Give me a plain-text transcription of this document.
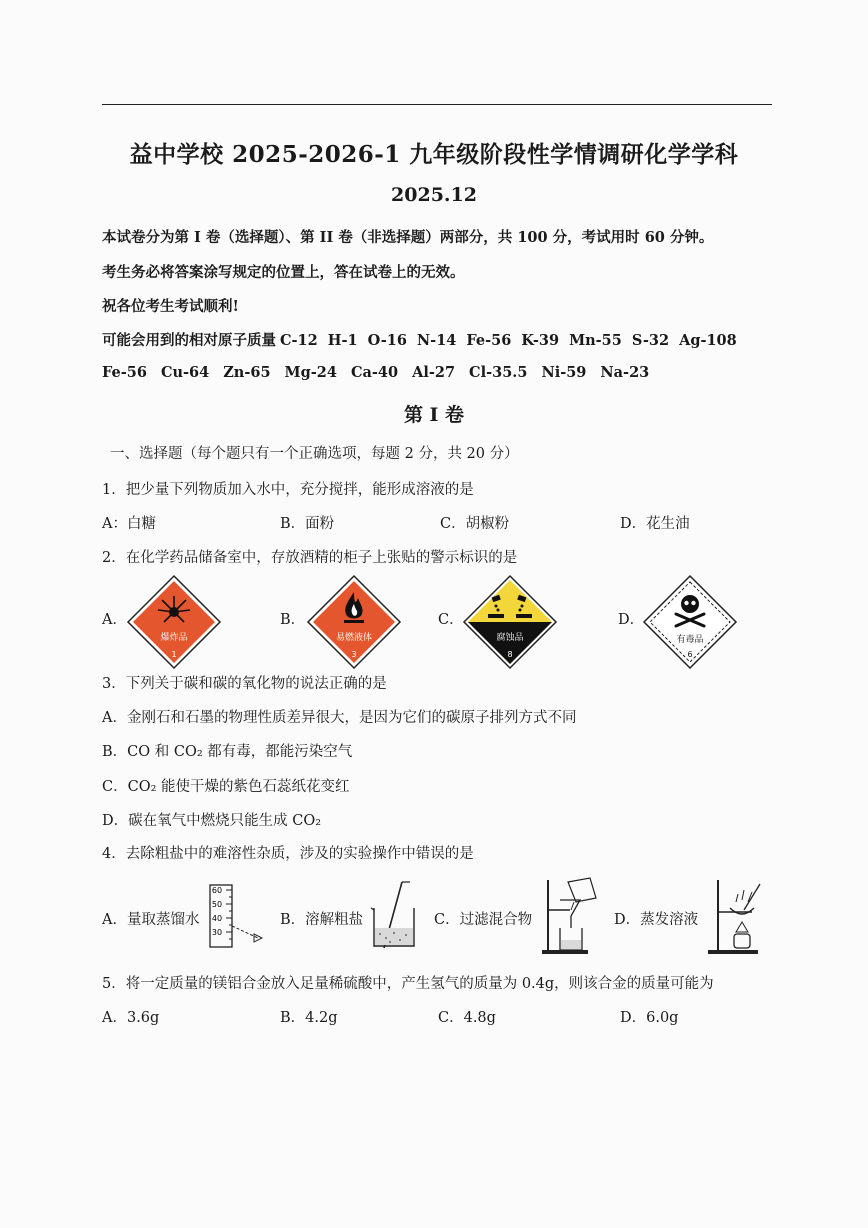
益中学校 2025-2026-1 九年级阶段性学情调研化学学科
2025.12
本试卷分为第 I 卷（选择题）、第 II 卷（非选择题）两部分，共 100 分，考试用时 60 分钟。
考生务必将答案涂写规定的位置上，答在试卷上的无效。
祝各位考生考试顺利!
可能会用到的相对原子质量 C-12 H-1 O-16 N-14 Fe-56 K-39 Mn-55 S-32 Ag-108
Fe-56 Cu-64 Zn-65 Mg-24 Ca-40 Al-27 Cl-35.5 Ni-59 Na-23
第 I 卷
一、选择题（每个题只有一个正确选项，每题 2 分，共 20 分）
1．把少量下列物质加入水中，充分搅拌，能形成溶液的是
A：白糖	B．面粉	C．胡椒粉	D．花生油
2．在化学药品储备室中，存放酒精的柜子上张贴的警示标识的是
A．	B．	C．	D．
爆炸品
1
易燃液体
3
腐蚀品
8
有毒品
6
3．下列关于碳和碳的氧化物的说法正确的是
A．金刚石和石墨的物理性质差异很大，是因为它们的碳原子排列方式不同
B．CO 和 CO₂ 都有毒，都能污染空气
C．CO₂ 能使干燥的紫色石蕊纸花变红
D．碳在氧气中燃烧只能生成 CO₂
4．去除粗盐中的难溶性杂质，涉及的实验操作中错误的是
A．量取蒸馏水	B．溶解粗盐	C．过滤混合物	D．蒸发溶液
60
50
40
30
5．将一定质量的镁铝合金放入足量稀硫酸中，产生氢气的质量为 0.4g，则该合金的质量可能为
A．3.6g	B．4.2g	C．4.8g	D．6.0g
